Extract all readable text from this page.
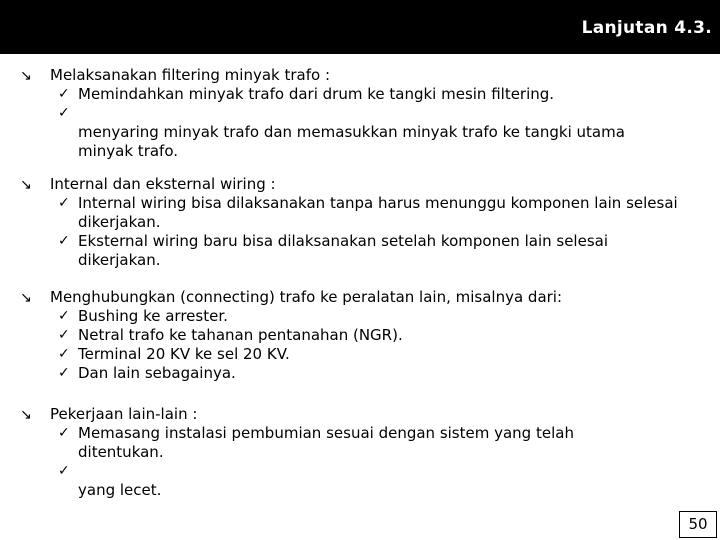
Lanjutan 4.3.
↘ Melaksanakan filtering minyak trafo :
✓ Memindahkan minyak trafo dari drum ke tangki mesin filtering.
✓
menyaring minyak trafo dan memasukkan minyak trafo ke tangki utama minyak trafo.
↘ Internal dan eksternal wiring :
✓ Internal wiring bisa dilaksanakan tanpa harus menunggu komponen lain selesai dikerjakan.
✓ Eksternal wiring baru bisa dilaksanakan setelah komponen lain selesai dikerjakan.
↘ Menghubungkan (connecting) trafo ke peralatan lain, misalnya dari:
✓ Bushing ke arrester.
✓ Netral trafo ke tahanan pentanahan (NGR).
✓ Terminal 20 KV ke sel 20 KV.
✓ Dan lain sebagainya.
↘ Pekerjaan lain-lain :
✓ Memasang instalasi pembumian sesuai dengan sistem yang telah ditentukan.
✓
yang lecet.
50
